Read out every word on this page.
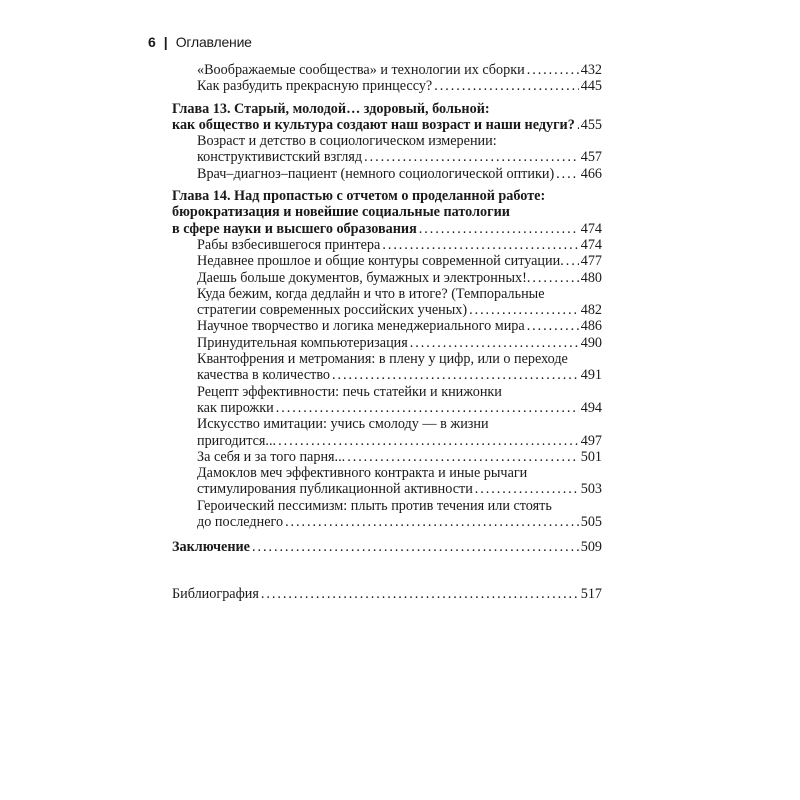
6 | Оглавление
«Воображаемые сообщества» и технологии их сборки . . .	432
Как разбудить прекрасную принцессу? . . .	445
Глава 13. Старый, молодой… здоровый, больной:
как общество и культура создают наш возраст и наши недуги? . . . 455
Возраст и детство в социологическом измерении:
конструктивистский взгляд . . .	457
Врач–диагноз–пациент (немного социологической оптики) . . . 466
Глава 14. Над пропастью с отчетом о проделанной работе:
бюрократизация и новейшие социальные патологии
в сфере науки и высшего образования . . .	474
Рабы взбесившегося принтера . . .	474
Недавнее прошлое и общие контуры современной ситуации. . . . 477
Даешь больше документов, бумажных и электронных!. . . .	480
Куда бежим, когда дедлайн и что в итоге? (Темпоральные
стратегии современных российских ученых) . . .	482
Научное творчество и логика менеджериального мира . . .	486
Принудительная компьютеризация . . .	490
Квантофрения и метромания: в плену у цифр, или о переходе
качества в количество . . .	491
Рецепт эффективности: печь статейки и книжонки
как пирожки . . .	494
Искусство имитации: учись смолоду — в жизни
пригодится... . . .	497
За себя и за того парня... . . .	501
Дамоклов меч эффективного контракта и иные рычаги
стимулирования публикационной активности . . .	503
Героический пессимизм: плыть против течения или стоять
до последнего . . .	505
Заключение . . .	509
Библиография . . .	517
